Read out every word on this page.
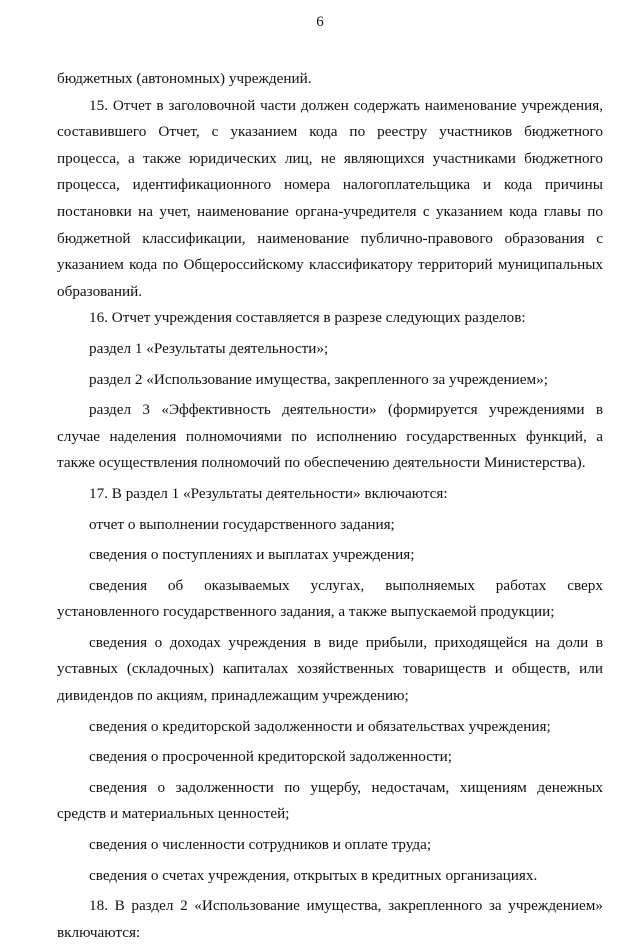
6

бюджетных (автономных) учреждений.

15. Отчет в заголовочной части должен содержать наименование учреждения, составившего Отчет, с указанием кода по реестру участников бюджетного процесса, а также юридических лиц, не являющихся участниками бюджетного процесса, идентификационного номера налогоплательщика и кода причины постановки на учет, наименование органа-учредителя с указанием кода главы по бюджетной классификации, наименование публично-правового образования с указанием кода по Общероссийскому классификатору территорий муниципальных образований.

16. Отчет учреждения составляется в разрезе следующих разделов:

раздел 1 «Результаты деятельности»;

раздел 2 «Использование имущества, закрепленного за учреждением»;

раздел 3 «Эффективность деятельности» (формируется учреждениями в случае наделения полномочиями по исполнению государственных функций, а также осуществления полномочий по обеспечению деятельности Министерства).

17. В раздел 1 «Результаты деятельности» включаются:

отчет о выполнении государственного задания;

сведения о поступлениях и выплатах учреждения;

сведения об оказываемых услугах, выполняемых работах сверх установленного государственного задания, а также выпускаемой продукции;

сведения о доходах учреждения в виде прибыли, приходящейся на доли в уставных (складочных) капиталах хозяйственных товариществ и обществ, или дивидендов по акциям, принадлежащим учреждению;

сведения о кредиторской задолженности и обязательствах учреждения;

сведения о просроченной кредиторской задолженности;

сведения о задолженности по ущербу, недостачам, хищениям денежных средств и материальных ценностей;

сведения о численности сотрудников и оплате труда;

сведения о счетах учреждения, открытых в кредитных организациях.

18. В раздел 2 «Использование имущества, закрепленного за учреждением» включаются:
